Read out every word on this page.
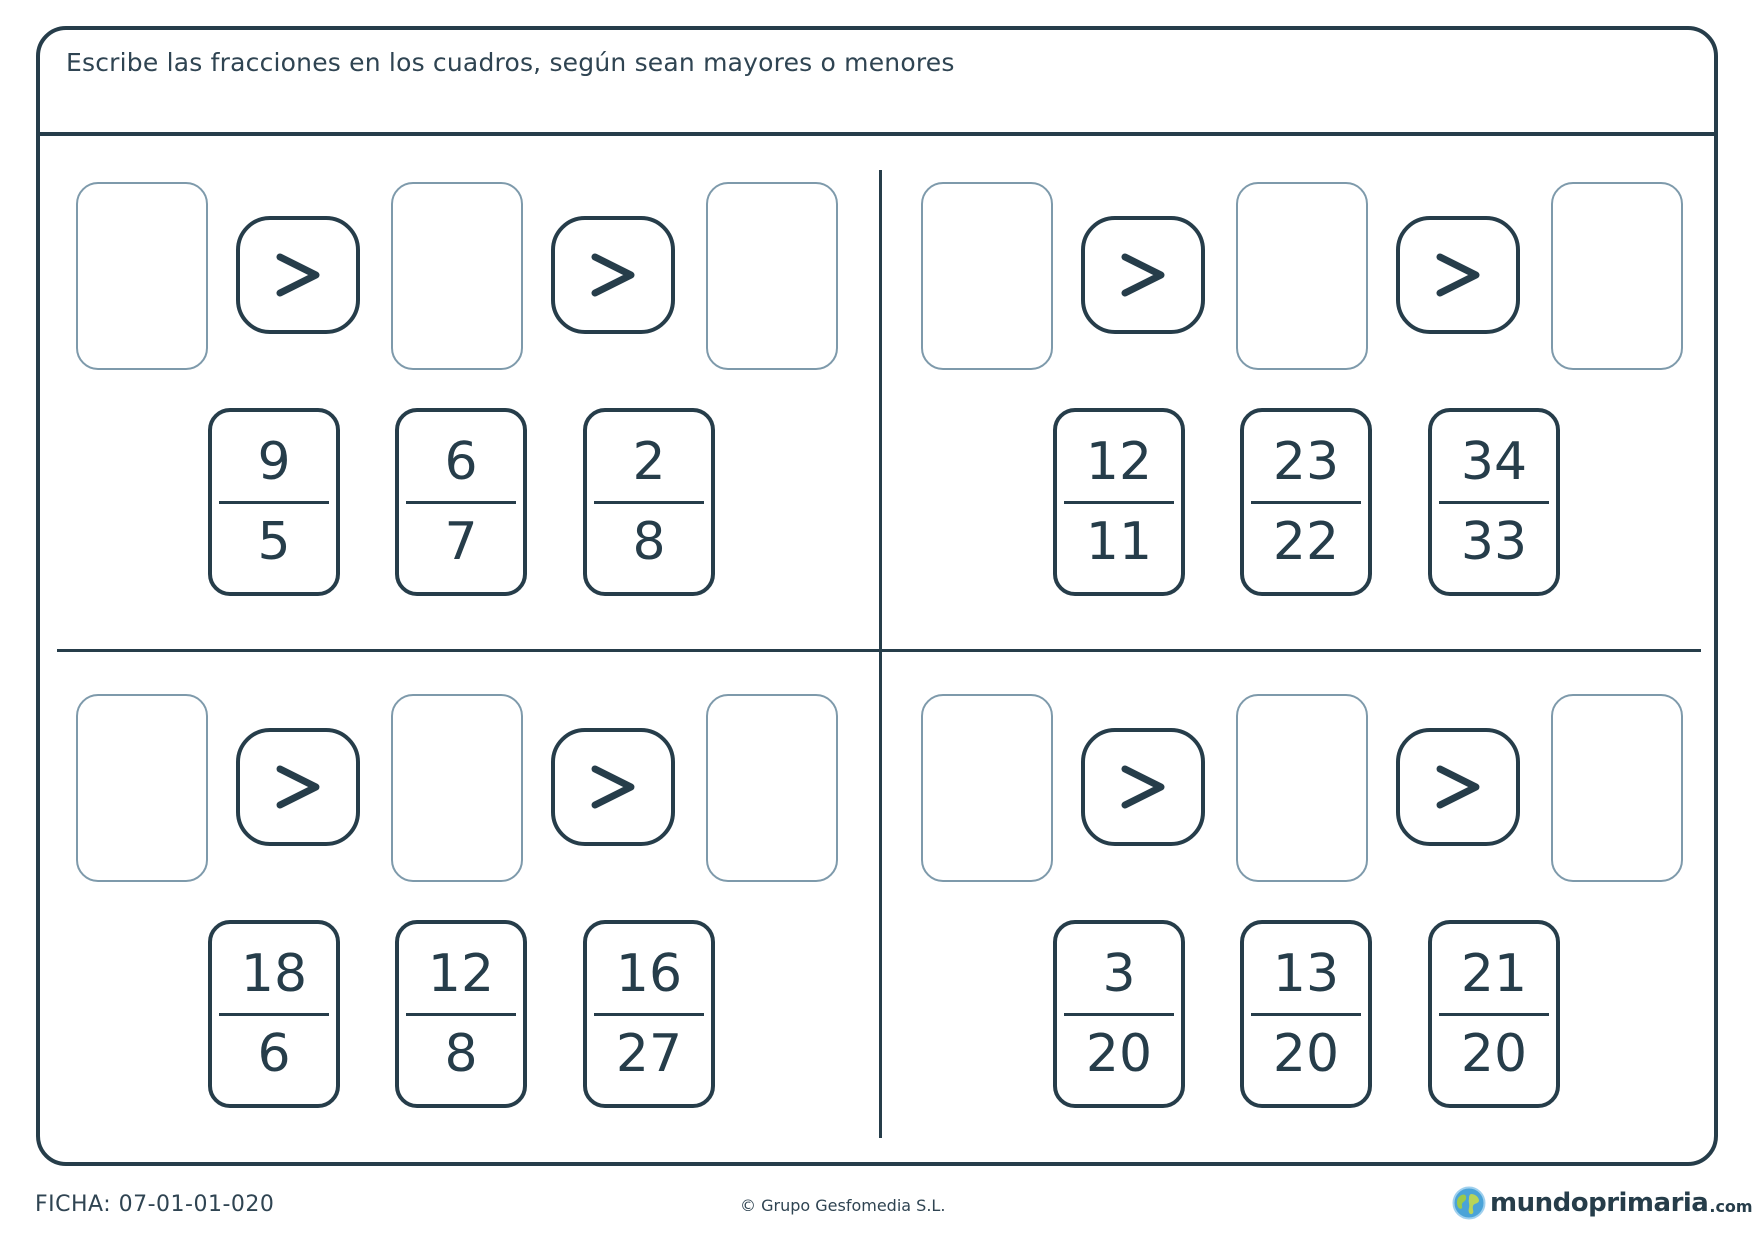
Escribe las fracciones en los cuadros, según sean mayores o menores
9
5
6
7
2
8
12
11
23
22
34
33
18
6
12
8
16
27
3
20
13
20
21
20
FICHA: 07-01-01-020	© Grupo Gesfomedia S.L.	mundoprimaria .com
